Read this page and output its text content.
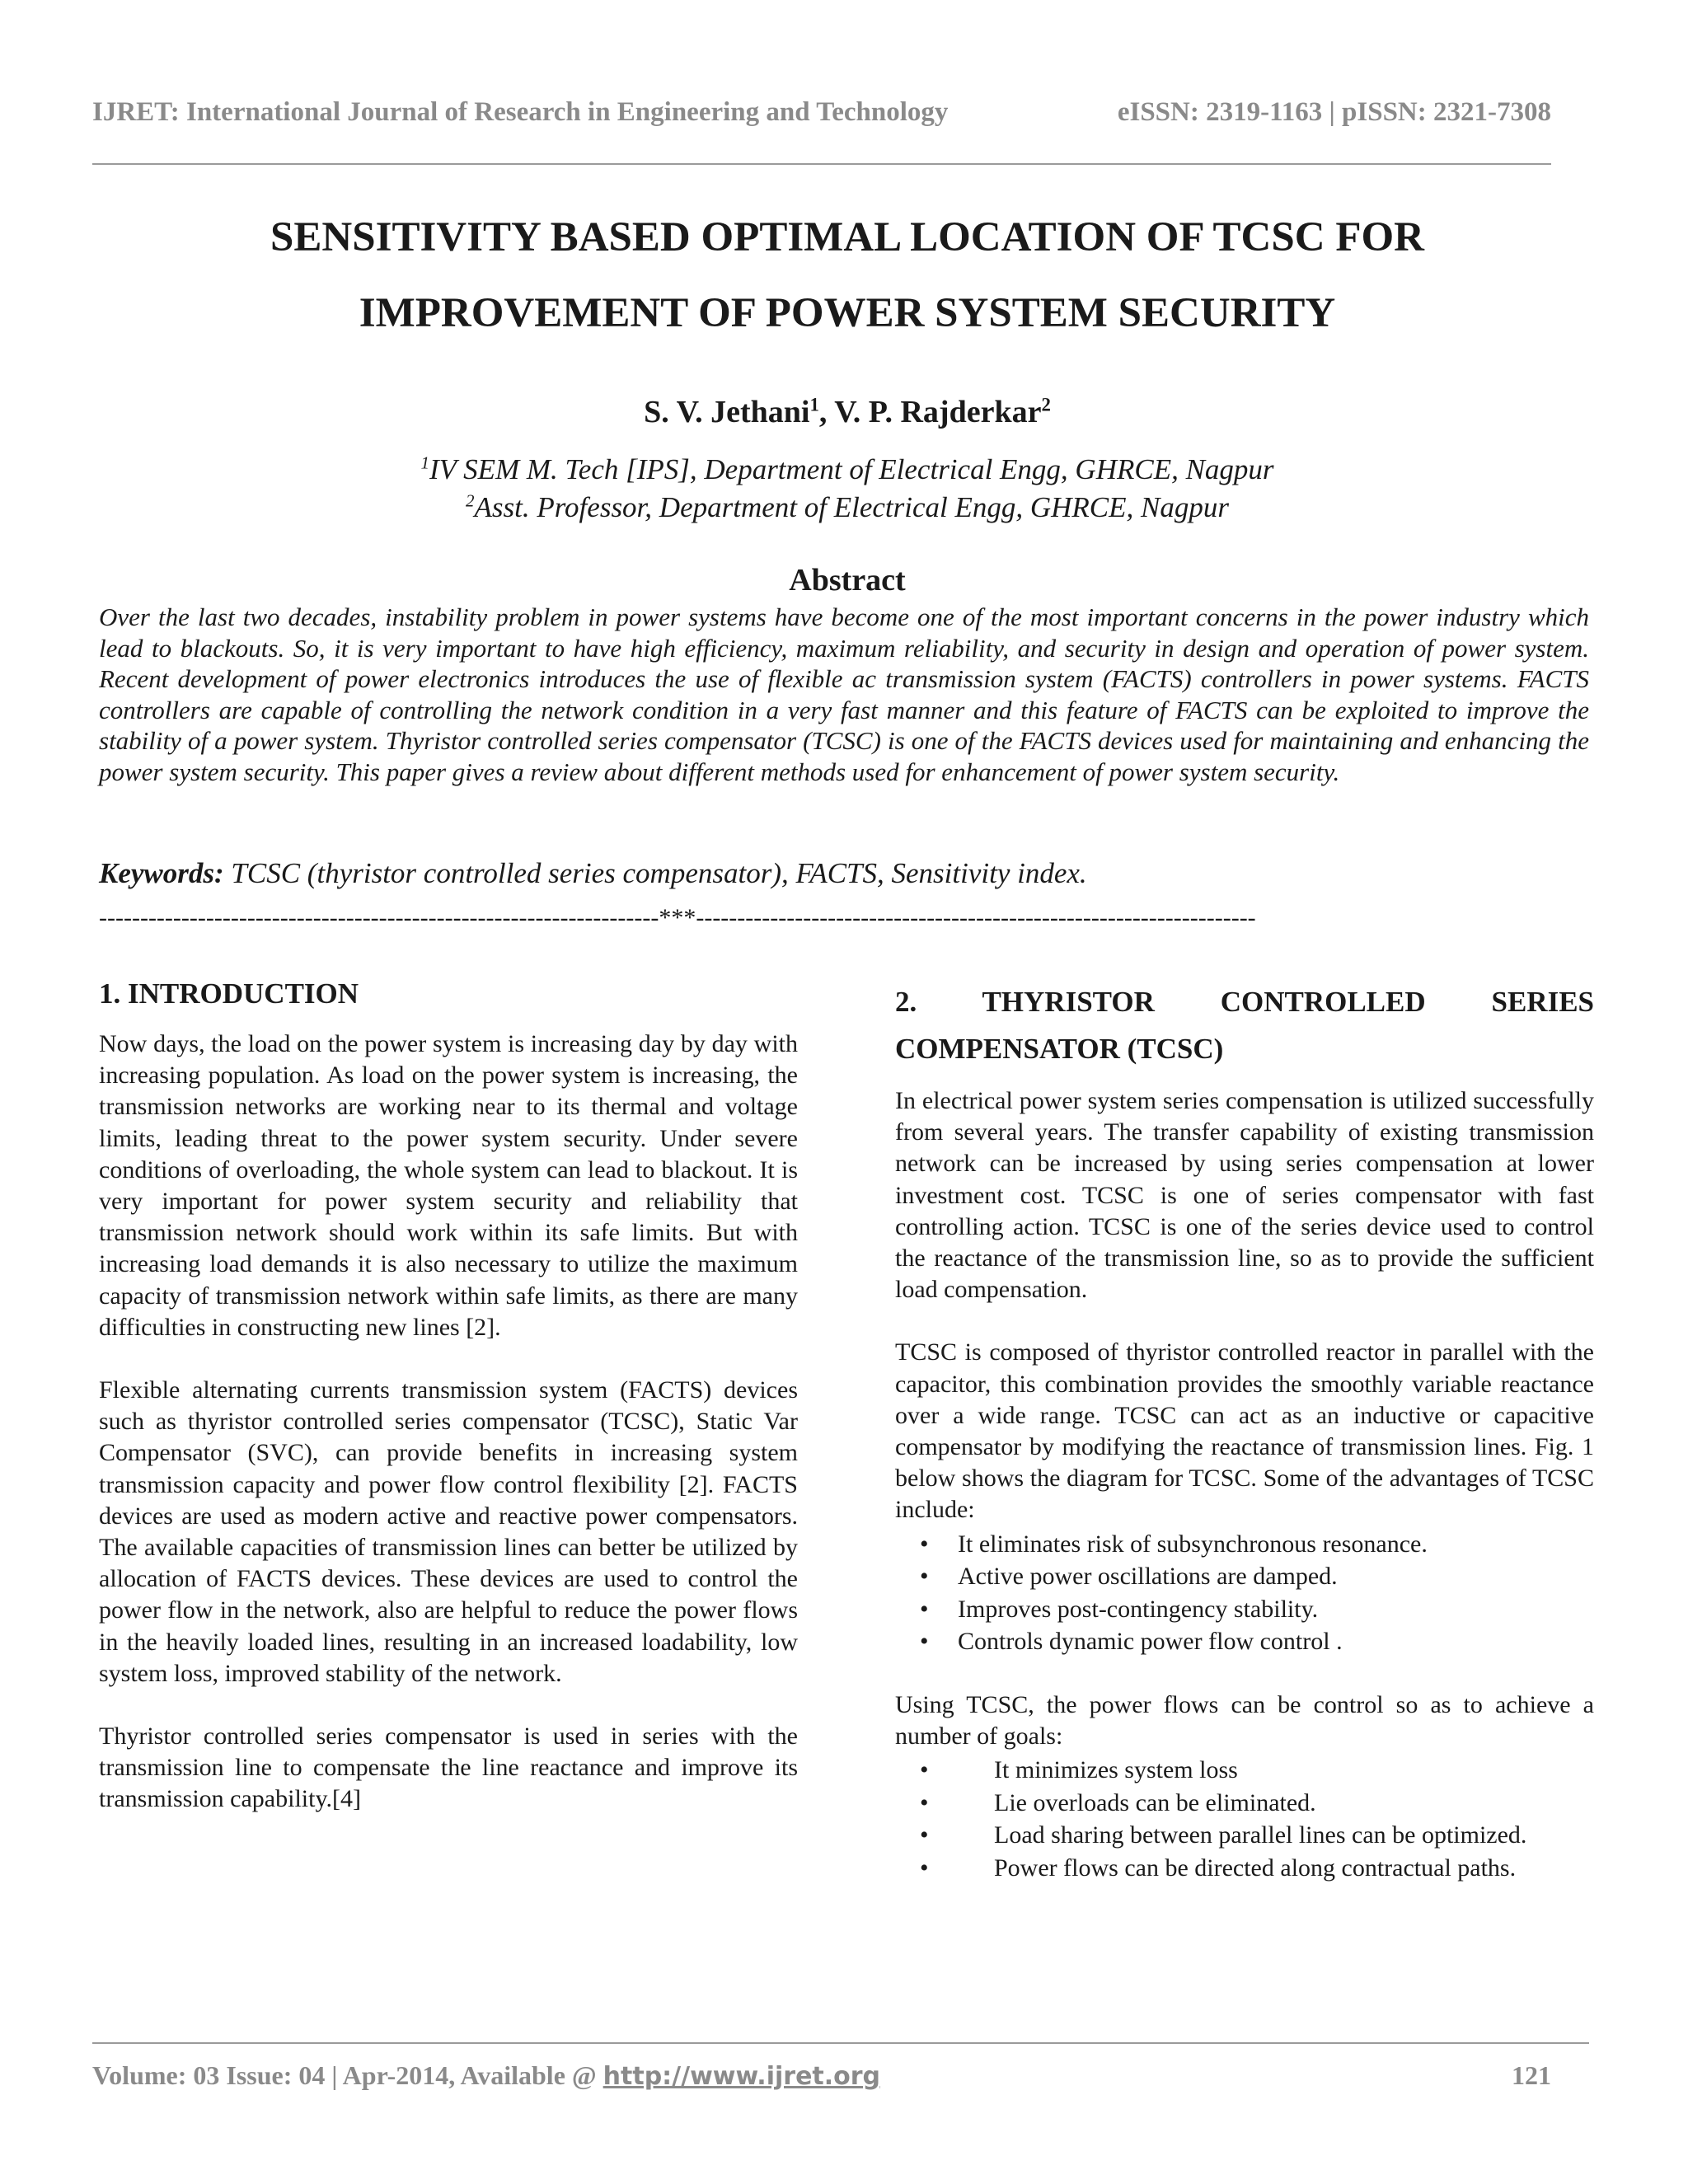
IJRET: International Journal of Research in Engineering and Technology	eISSN: 2319-1163 | pISSN: 2321-7308
SENSITIVITY BASED OPTIMAL LOCATION OF TCSC FOR
IMPROVEMENT OF POWER SYSTEM SECURITY
S. V. Jethani$^1$, V. P. Rajderkar$^2$
$^1$IV SEM M. Tech [IPS], Department of Electrical Engg, GHRCE, Nagpur
$^2$Asst. Professor, Department of Electrical Engg, GHRCE, Nagpur
Abstract
Over the last two decades, instability problem in power systems have become one of the most important concerns in the power industry which lead to blackouts. So, it is very important to have high efficiency, maximum reliability, and security in design and operation of power system. Recent development of power electronics introduces the use of flexible ac transmission system (FACTS) controllers in power systems. FACTS controllers are capable of controlling the network condition in a very fast manner and this feature of FACTS can be exploited to improve the stability of a power system. Thyristor controlled series compensator (TCSC) is one of the FACTS devices used for maintaining and enhancing the power system security. This paper gives a review about different methods used for enhancement of power system security.
Keywords: TCSC (thyristor controlled series compensator), FACTS, Sensitivity index.
--------------------------------------------------------------------***--------------------------------------------------------------------
1. INTRODUCTION

Now days, the load on the power system is increasing day by day with increasing population. As load on the power system is increasing, the transmission networks are working near to its thermal and voltage limits, leading threat to the power system security. Under severe conditions of overloading, the whole system can lead to blackout. It is very important for power system security and reliability that transmission network should work within its safe limits. But with increasing load demands it is also necessary to utilize the maximum capacity of transmission network within safe limits, as there are many difficulties in constructing new lines [2].

Flexible alternating currents transmission system (FACTS) devices such as thyristor controlled series compensator (TCSC), Static Var Compensator (SVC), can provide benefits in increasing system transmission capacity and power flow control flexibility [2]. FACTS devices are used as modern active and reactive power compensators. The available capacities of transmission lines can better be utilized by allocation of FACTS devices. These devices are used to control the power flow in the network, also are helpful to reduce the power flows in the heavily loaded lines, resulting in an increased loadability, low system loss, improved stability of the network.

Thyristor controlled series compensator is used in series with the transmission line to compensate the line reactance and improve its transmission capability.[4]

2. THYRISTOR CONTROLLED SERIES
COMPENSATOR (TCSC)

In electrical power system series compensation is utilized successfully from several years. The transfer capability of existing transmission network can be increased by using series compensation at lower investment cost. TCSC is one of series compensator with fast controlling action. TCSC is one of the series device used to control the reactance of the transmission line, so as to provide the sufficient load compensation.

TCSC is composed of thyristor controlled reactor in parallel with the capacitor, this combination provides the smoothly variable reactance over a wide range. TCSC can act as an inductive or capacitive compensator by modifying the reactance of transmission lines. Fig. 1 below shows the diagram for TCSC. Some of the advantages of TCSC include:

• It eliminates risk of subsynchronous resonance.
• Active power oscillations are damped.
• Improves post-contingency stability.
• Controls dynamic power flow control .

Using TCSC, the power flows can be control so as to achieve a number of goals:

• It minimizes system loss
• Lie overloads can be eliminated.
• Load sharing between parallel lines can be optimized.
• Power flows can be directed along contractual paths.
Volume: 03 Issue: 04 | Apr-2014, Available @ http://www.ijret.org	121
